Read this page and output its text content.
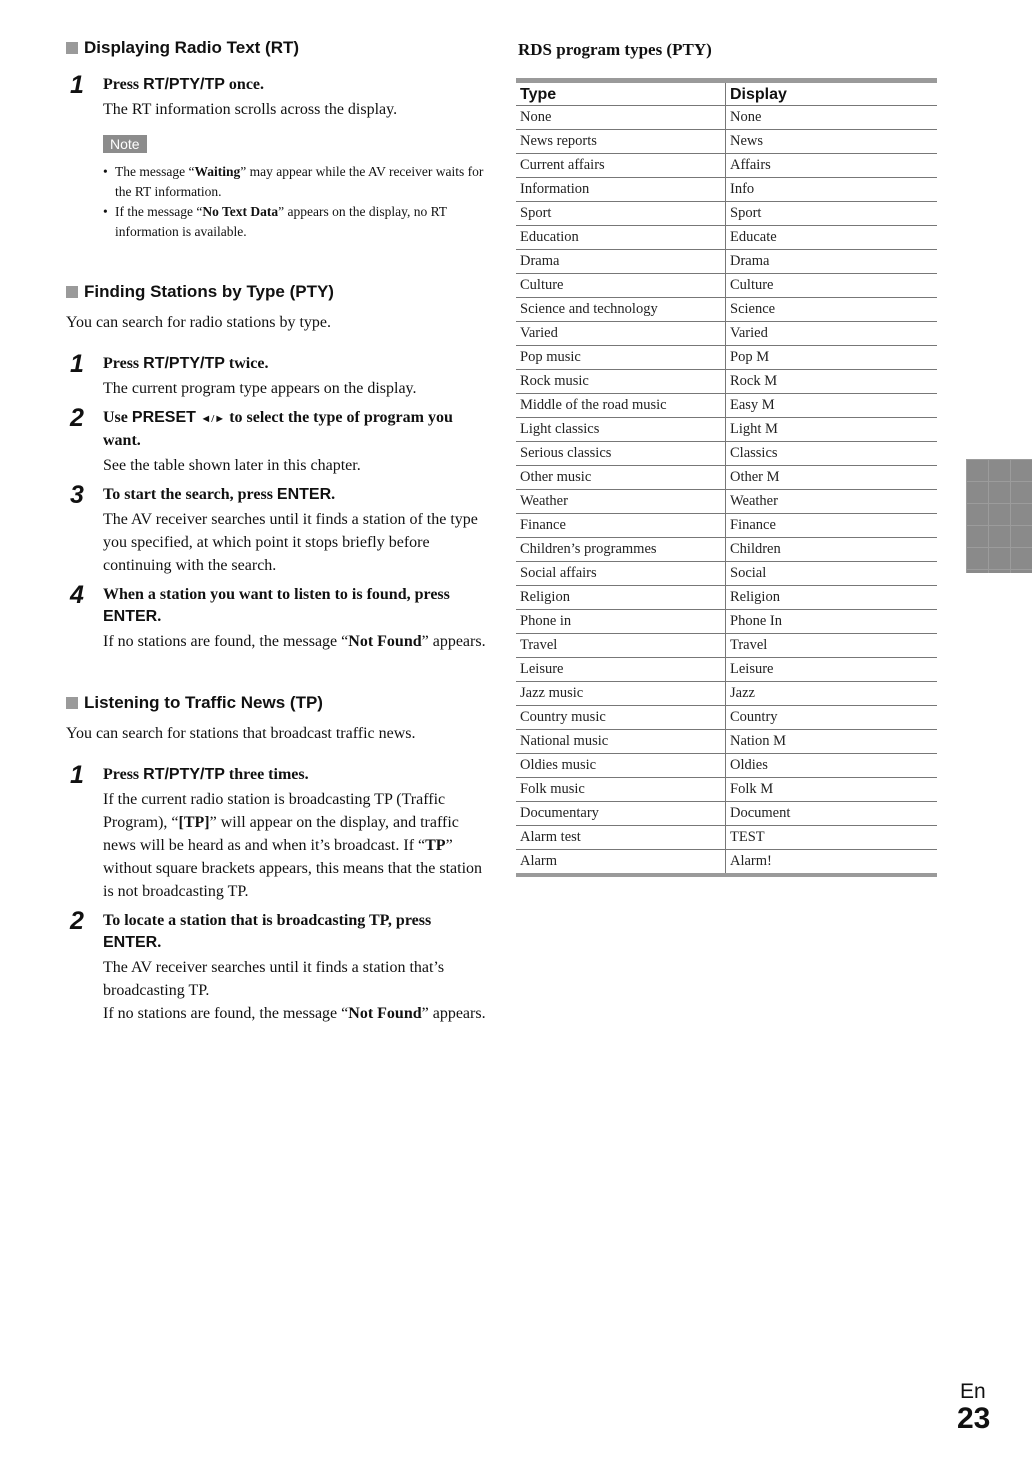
Displaying Radio Text (RT)
1 Press RT/PTY/TP once.

The RT information scrolls across the display.

Note
• The message “Waiting” may appear while the AV receiver waits for the RT information.
• If the message “No Text Data” appears on the display, no RT information is available.
Finding Stations by Type (PTY)

You can search for radio stations by type.

1 Press RT/PTY/TP twice.

The current program type appears on the display.

2 Use PRESET ◄/► to select the type of program you want.

See the table shown later in this chapter.

3 To start the search, press ENTER.

The AV receiver searches until it finds a station of the type you specified, at which point it stops briefly before continuing with the search.

4 When a station you want to listen to is found, press ENTER.

If no stations are found, the message “Not Found” appears.

Listening to Traffic News (TP)

You can search for stations that broadcast traffic news.

1 Press RT/PTY/TP three times.

If the current radio station is broadcasting TP (Traffic Program), “[TP]” will appear on the display, and traffic news will be heard as and when it’s broadcast. If “TP” without square brackets appears, this means that the station is not broadcasting TP.

2 To locate a station that is broadcasting TP, press ENTER.

The AV receiver searches until it finds a station that’s broadcasting TP.

If no stations are found, the message “Not Found” appears.

RDS program types (PTY)

Type	Display
None	None
News reports	News
Current affairs	Affairs
Information	Info
Sport	Sport
Education	Educate
Drama	Drama
Culture	Culture
Science and technology	Science
Varied	Varied
Pop music	Pop M
Rock music	Rock M
Middle of the road music	Easy M
Light classics	Light M
Serious classics	Classics
Other music	Other M
Weather	Weather
Finance	Finance
Children’s programmes	Children
Social affairs	Social
Religion	Religion
Phone in	Phone In
Travel	Travel
Leisure	Leisure
Jazz music	Jazz
Country music	Country
National music	Nation M
Oldies music	Oldies
Folk music	Folk M
Documentary	Document
Alarm test	TEST
Alarm	Alarm!
En
23
